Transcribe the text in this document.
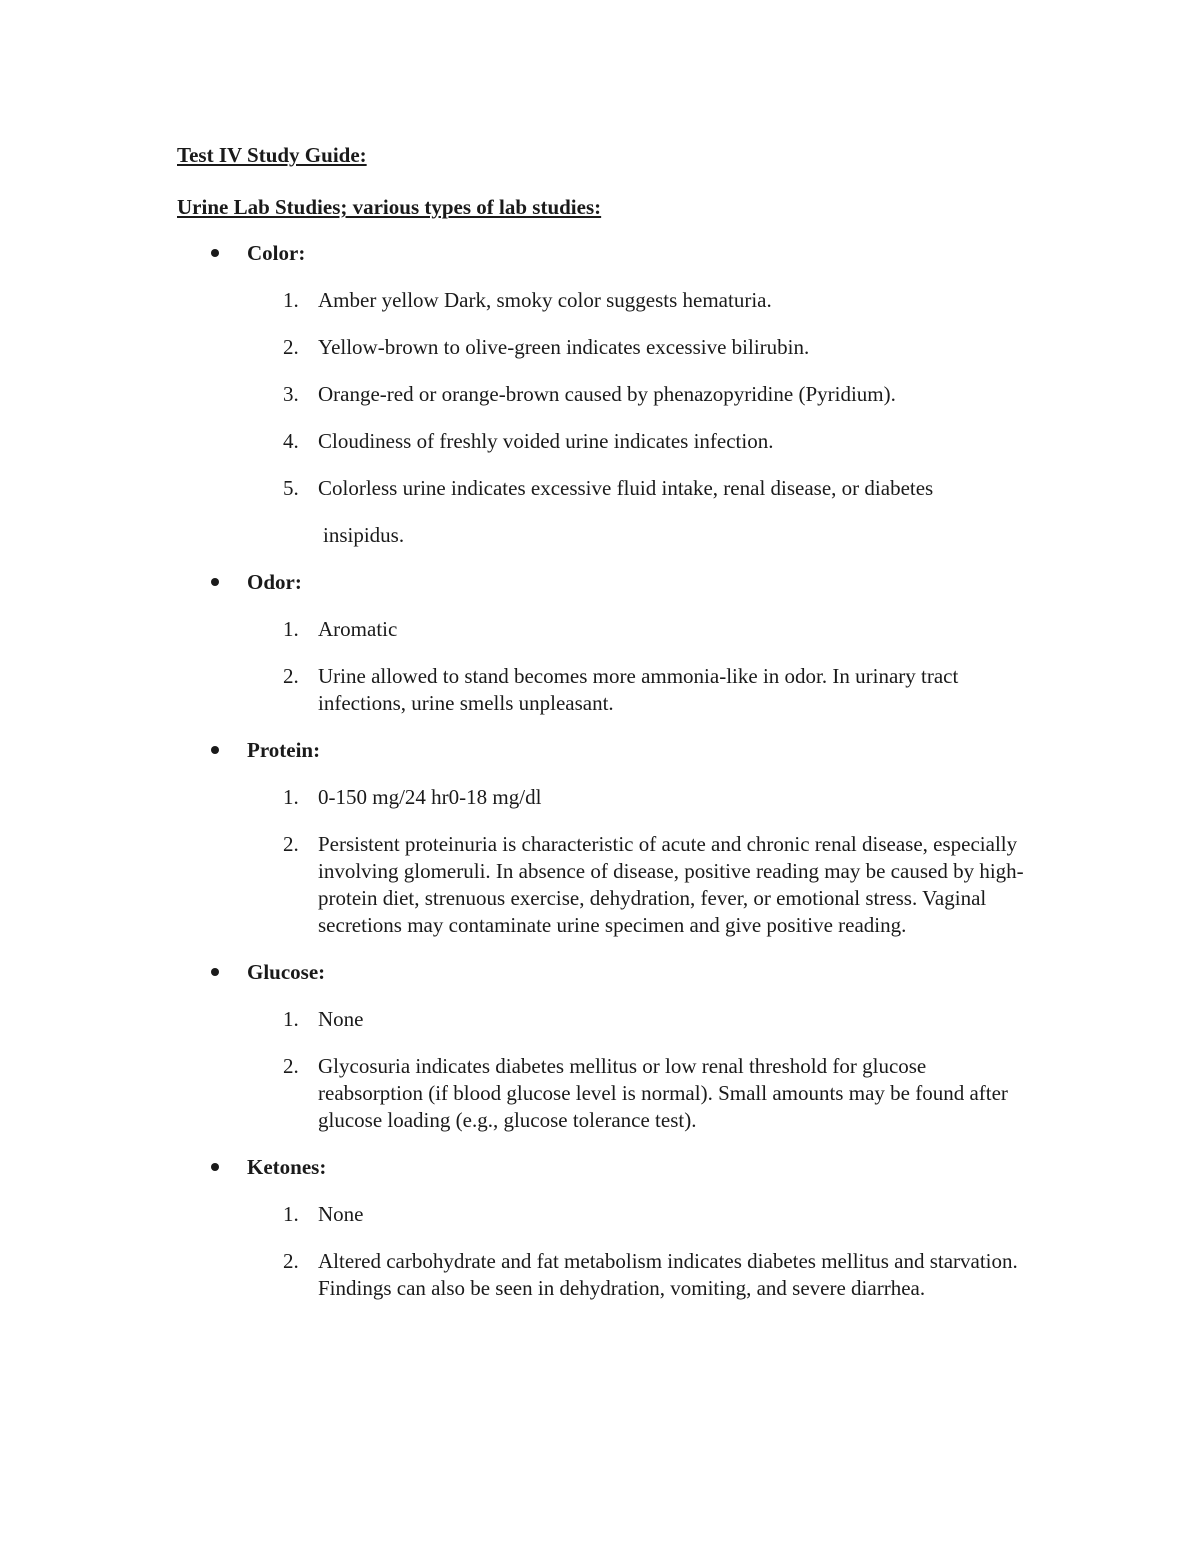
Test IV Study Guide:
Urine Lab Studies; various types of lab studies:
Color:
1. Amber yellow Dark, smoky color suggests hematuria.
2. Yellow-brown to olive-green indicates excessive bilirubin.
3. Orange-red or orange-brown caused by phenazopyridine (Pyridium).
4. Cloudiness of freshly voided urine indicates infection.
5. Colorless urine indicates excessive fluid intake, renal disease, or diabetes
insipidus.
Odor:
1. Aromatic
2. Urine allowed to stand becomes more ammonia-like in odor. In urinary tract infections, urine smells unpleasant.
Protein:
1. 0-150 mg/24 hr0-18 mg/dl
2. Persistent proteinuria is characteristic of acute and chronic renal disease, especially involving glomeruli. In absence of disease, positive reading may be caused by high-protein diet, strenuous exercise, dehydration, fever, or emotional stress. Vaginal secretions may contaminate urine specimen and give positive reading.
Glucose:
1. None
2. Glycosuria indicates diabetes mellitus or low renal threshold for glucose reabsorption (if blood glucose level is normal). Small amounts may be found after glucose loading (e.g., glucose tolerance test).
Ketones:
1. None
2. Altered carbohydrate and fat metabolism indicates diabetes mellitus and starvation. Findings can also be seen in dehydration, vomiting, and severe diarrhea.
